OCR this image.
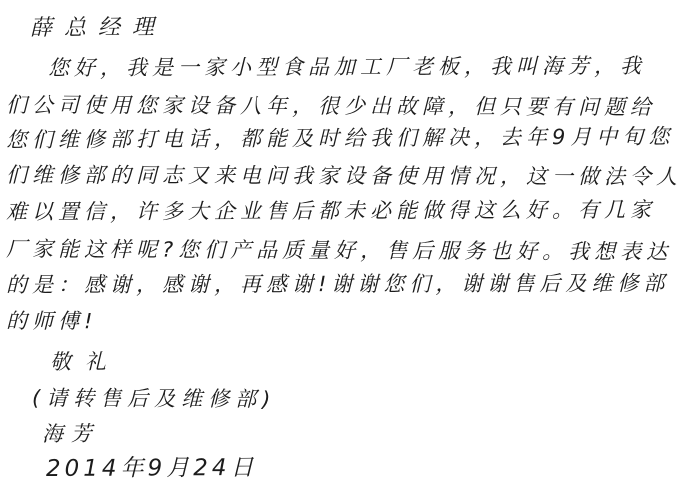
薛总经理
您好，我是一家小型食品加工厂老板，我叫海芳，我
们公司使用您家设备八年，很少出故障，但只要有问题给
您们维修部打电话，都能及时给我们解决，去年9月中旬您
们维修部的同志又来电问我家设备使用情况，这一做法令人
难以置信，许多大企业售后都未必能做得这么好。有几家
厂家能这样呢?您们产品质量好，售后服务也好。我想表达
的是：感谢，感谢，再感谢!谢谢您们，谢谢售后及维修部
的师傅!
敬礼
(请转售后及维修部)
海芳
2014年9月24日
